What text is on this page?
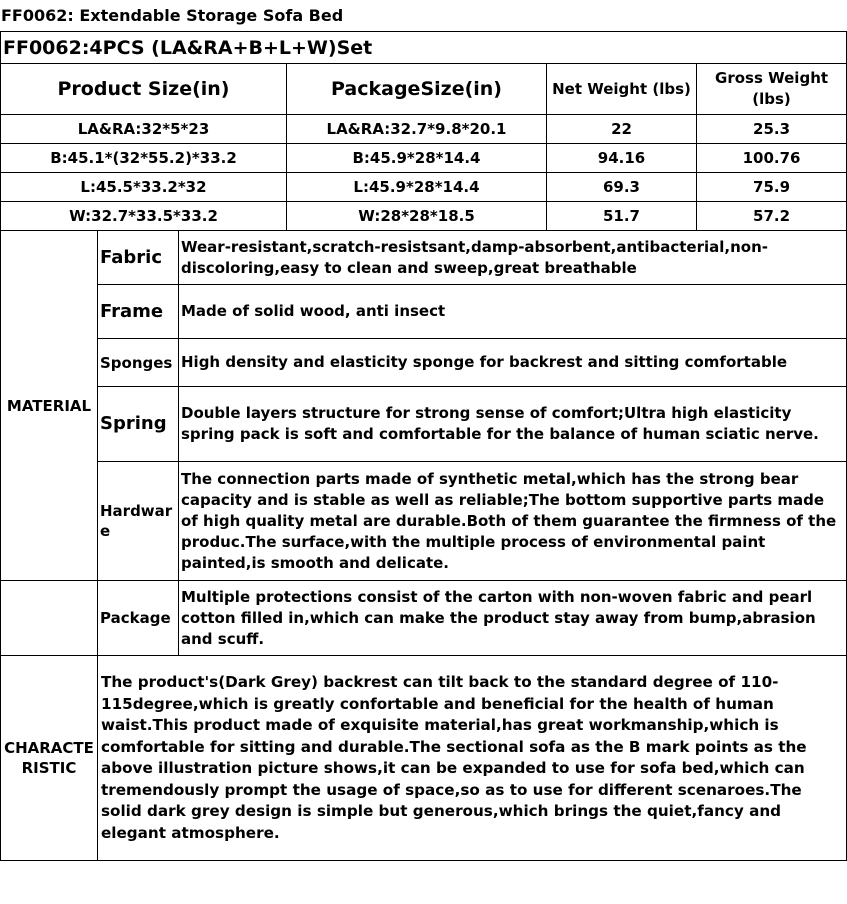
FF0062: Extendable Storage Sofa Bed
FF0062:4PCS (LA&RA+B+L+W)Set					
Product Size(in)			PackageSize(in)	Net Weight (lbs)	Gross Weight (lbs)
LA&RA:32*5*23			LA&RA:32.7*9.8*20.1	22	25.3
B:45.1*(32*55.2)*33.2			B:45.9*28*14.4	94.16	100.76
L:45.5*33.2*32			L:45.9*28*14.4	69.3	75.9
W:32.7*33.5*33.2			W:28*28*18.5	51.7	57.2
MATERIAL	Fabric	Wear-resistant,scratch-resistsant,damp-absorbent,antibacterial,non-discoloring,easy to clean and sweep,great breathable			
	Frame	Made of solid wood, anti insect			
	Sponges	High density and elasticity sponge for backrest and sitting comfortable			
	Spring	Double layers structure for strong sense of comfort;Ultra high elasticity spring pack is soft and comfortable for the balance of human sciatic nerve.			
	Hardware	The connection parts made of synthetic metal,which has the strong bear capacity and is stable as well as reliable;The bottom supportive parts made of high quality metal are durable.Both of them guarantee the firmness of the produc.The surface,with the multiple process of environmental paint painted,is smooth and delicate.			
	Package	Multiple protections consist of the carton with non-woven fabric and pearl cotton filled in,which can make the product stay away from bump,abrasion and scuff.			
CHARACTERISTIC	The product's(Dark Grey) backrest can tilt back to the standard degree of 110-115degree,which is greatly confortable and beneficial for the health of human waist.This product made of exquisite material,has great workmanship,which is comfortable for sitting and durable.The sectional sofa as the B mark points as the above illustration picture shows,it can be expanded to use for sofa bed,which can tremendously prompt the usage of space,so as to use for different scenaroes.The solid dark grey design is simple but generous,which brings the quiet,fancy and elegant atmosphere.				
